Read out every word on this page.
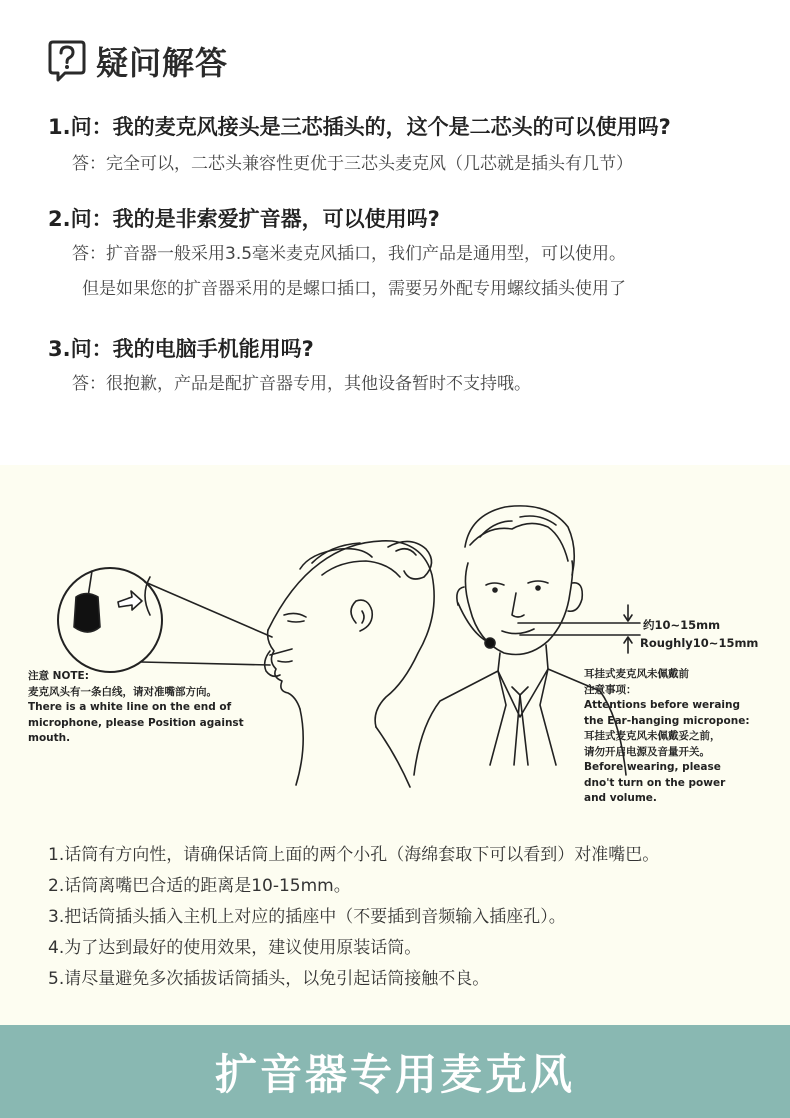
疑问解答
1.问：我的麦克风接头是三芯插头的，这个是二芯头的可以使用吗?
答：完全可以，二芯头兼容性更优于三芯头麦克风（几芯就是插头有几节）
2.问：我的是非索爱扩音器，可以使用吗?
答：扩音器一般采用3.5毫米麦克风插口，我们产品是通用型，可以使用。
但是如果您的扩音器采用的是螺口插口，需要另外配专用螺纹插头使用了
3.问：我的电脑手机能用吗?
答：很抱歉，产品是配扩音器专用，其他设备暂时不支持哦。
约10~15mm
Roughly10~15mm
注意 NOTE:
麦克风头有一条白线，请对准嘴部方向。
There is a white line on the end of
microphone, please Position against
mouth.
耳挂式麦克风未佩戴前
注意事项：
Attentions before weraing
the Ear-hanging micropone:
耳挂式麦克风未佩戴妥之前，
请勿开启电源及音量开关。
Before wearing, please
dno't turn on the power
and volume.
1.话筒有方向性，请确保话筒上面的两个小孔（海绵套取下可以看到）对准嘴巴。
2.话筒离嘴巴合适的距离是10-15mm。
3.把话筒插头插入主机上对应的插座中（不要插到音频输入插座孔）。
4.为了达到最好的使用效果，建议使用原装话筒。
5.请尽量避免多次插拔话筒插头，以免引起话筒接触不良。
扩音器专用麦克风
